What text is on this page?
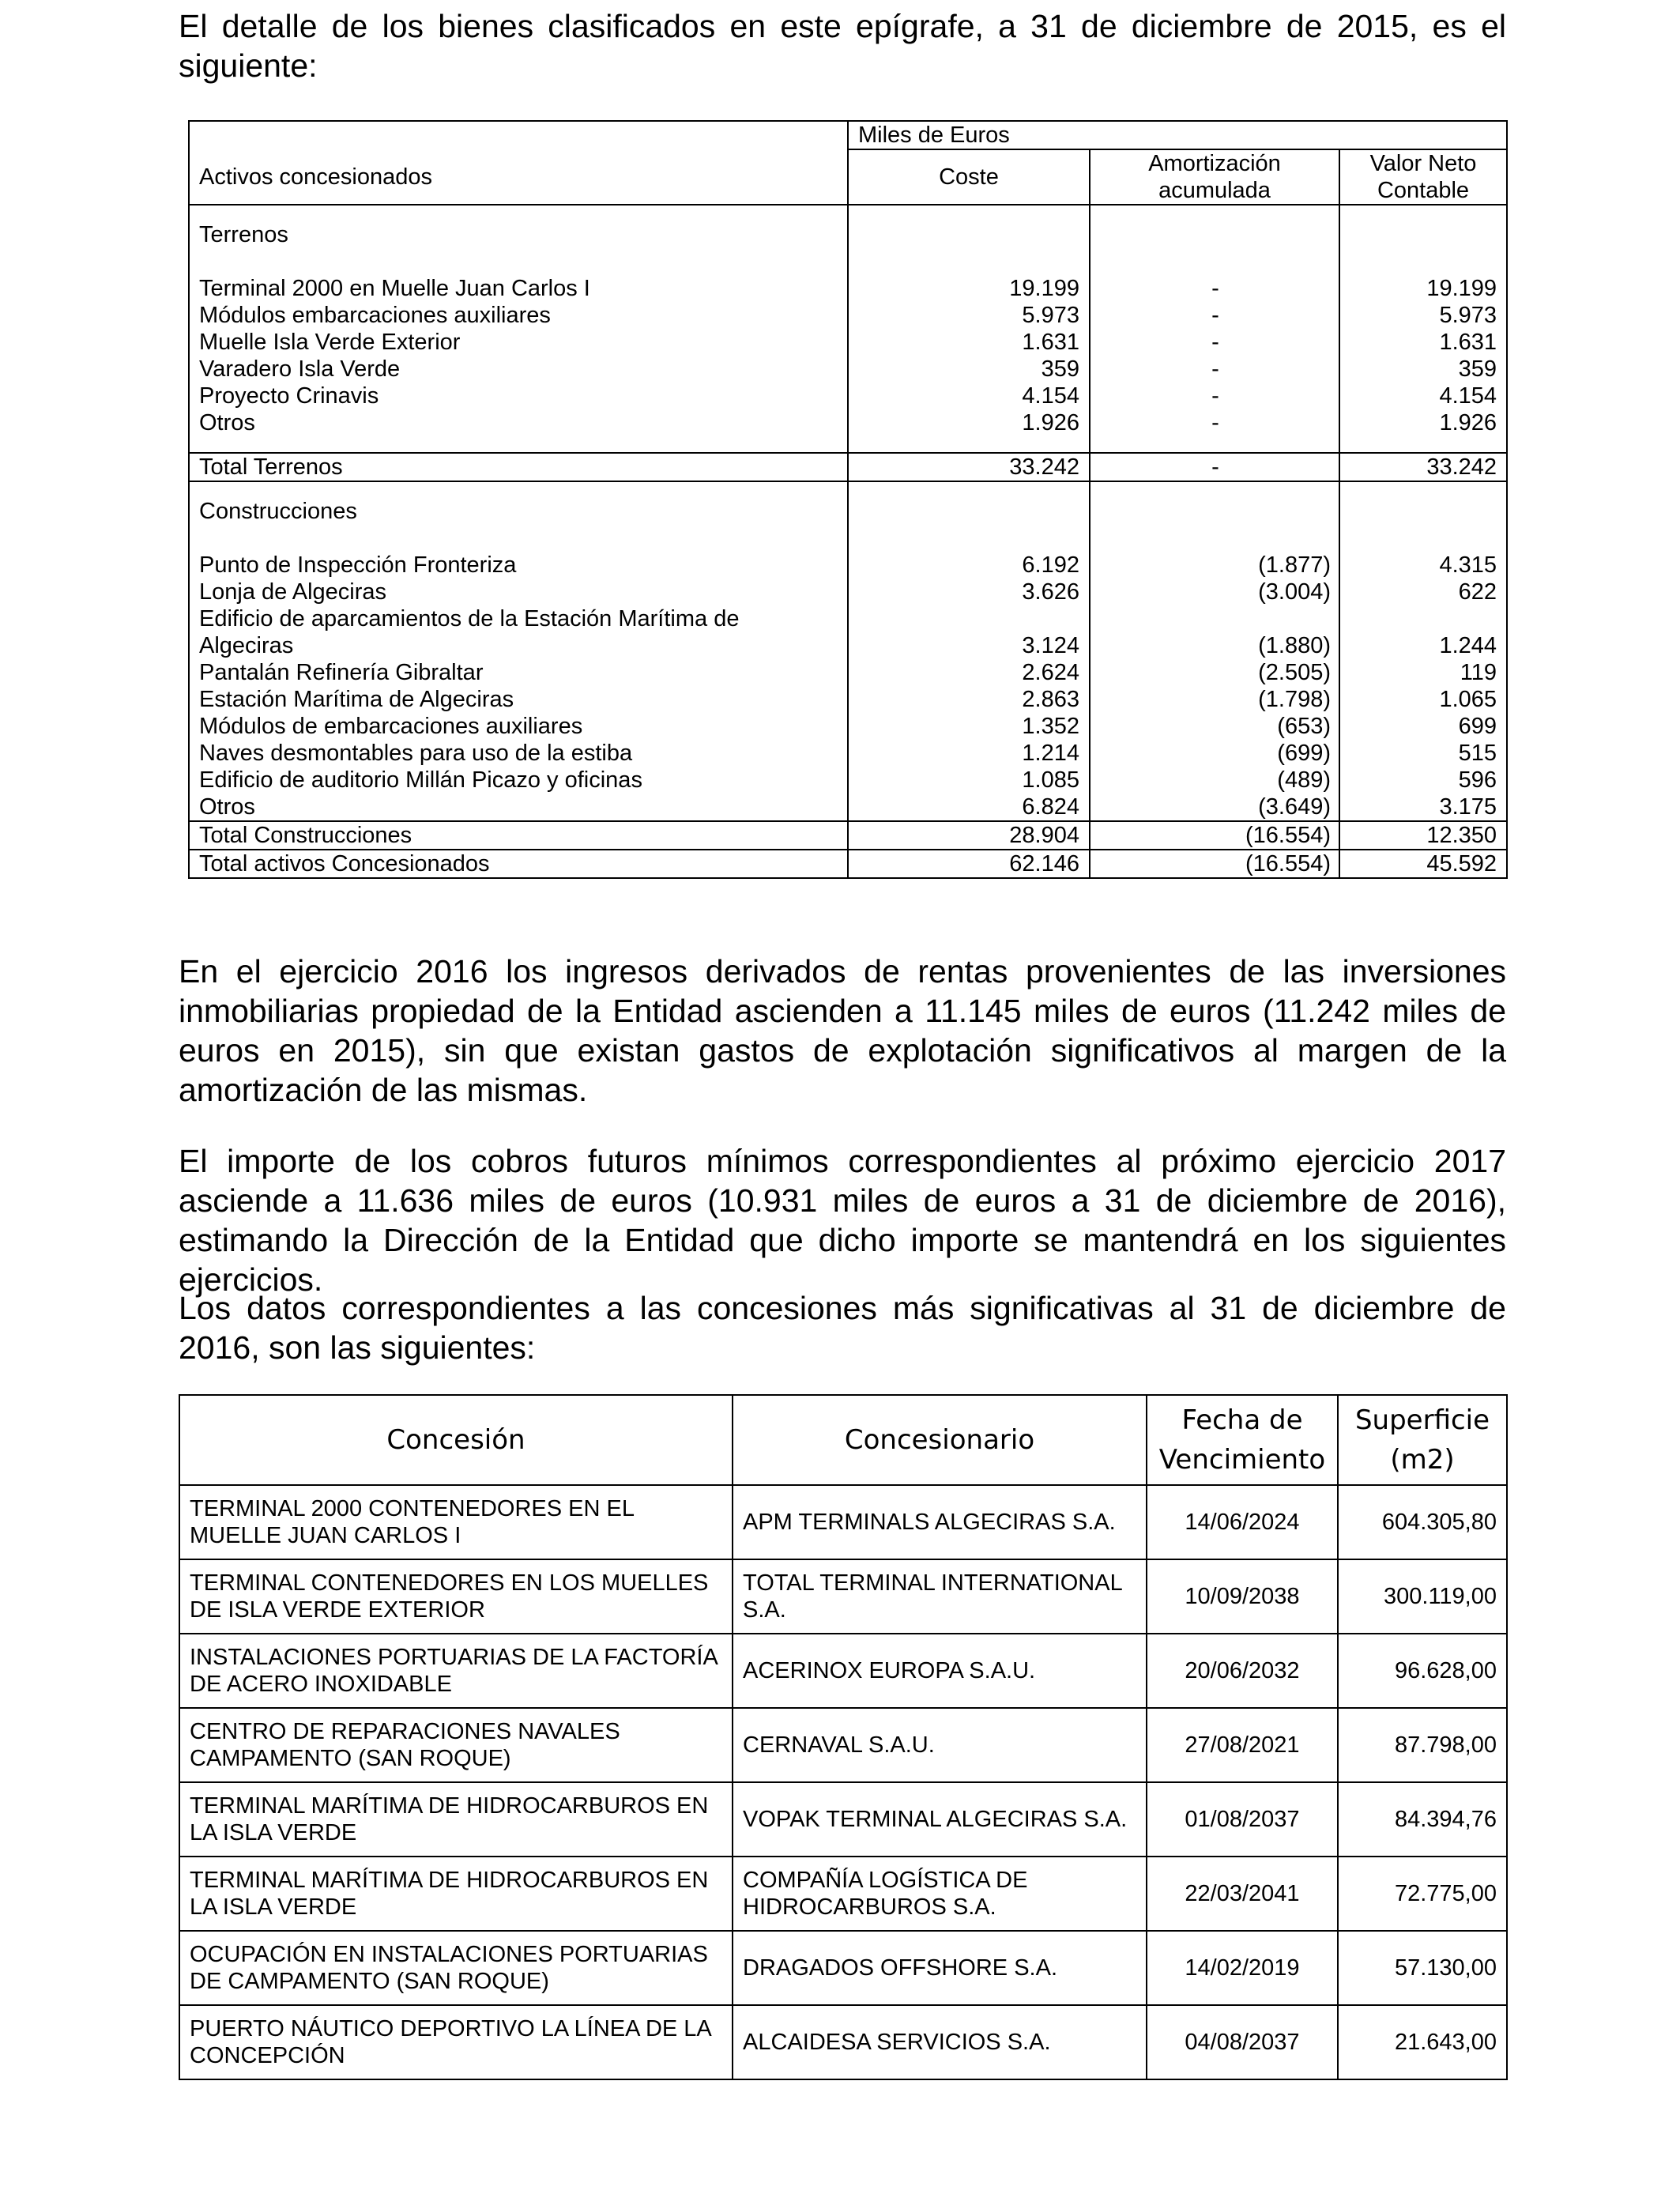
El detalle de los bienes clasificados en este epígrafe, a 31 de diciembre de 2015, es el siguiente:

	Miles de Euros		
Activos concesionados	Coste	Amortización acumulada	Valor Neto Contable

Terrenos			

Terminal 2000 en Muelle Juan Carlos I	19.199	-	19.199
Módulos embarcaciones auxiliares	5.973	-	5.973
Muelle Isla Verde Exterior	1.631	-	1.631
Varadero Isla Verde	359	-	359
Proyecto Crinavis	4.154	-	4.154
Otros	1.926	-	1.926

Total Terrenos	33.242	-	33.242

Construcciones			

Punto de Inspección Fronteriza	6.192	(1.877)	4.315
Lonja de Algeciras	3.626	(3.004)	622
Edificio de aparcamientos de la Estación Marítima de Algeciras	3.124	(1.880)	1.244
Pantalán Refinería Gibraltar	2.624	(2.505)	119
Estación Marítima de Algeciras	2.863	(1.798)	1.065
Módulos de embarcaciones auxiliares	1.352	(653)	699
Naves desmontables para uso de la estiba	1.214	(699)	515
Edificio de auditorio Millán Picazo y oficinas	1.085	(489)	596
Otros	6.824	(3.649)	3.175
Total Construcciones	28.904	(16.554)	12.350
Total activos Concesionados	62.146	(16.554)	45.592

En el ejercicio 2016 los ingresos derivados de rentas provenientes de las inversiones inmobiliarias propiedad de la Entidad ascienden a 11.145 miles de euros (11.242 miles de euros en 2015), sin que existan gastos de explotación significativos al margen de la amortización de las mismas.

El importe de los cobros futuros mínimos correspondientes al próximo ejercicio 2017 asciende a 11.636 miles de euros (10.931 miles de euros a 31 de diciembre de 2016), estimando la Dirección de la Entidad que dicho importe se mantendrá en los siguientes ejercicios.

Los datos correspondientes a las concesiones más significativas al 31 de diciembre de 2016, son las siguientes:

Concesión	Concesionario	Fecha de Vencimiento	Superficie (m2)
TERMINAL 2000 CONTENEDORES EN EL MUELLE JUAN CARLOS I	APM TERMINALS ALGECIRAS S.A.	14/06/2024	604.305,80
TERMINAL CONTENEDORES EN LOS MUELLES DE ISLA VERDE EXTERIOR	TOTAL TERMINAL INTERNATIONAL S.A.	10/09/2038	300.119,00
INSTALACIONES PORTUARIAS DE LA FACTORÍA DE ACERO INOXIDABLE	ACERINOX EUROPA S.A.U.	20/06/2032	96.628,00
CENTRO DE REPARACIONES NAVALES CAMPAMENTO (SAN ROQUE)	CERNAVAL S.A.U.	27/08/2021	87.798,00
TERMINAL MARÍTIMA DE HIDROCARBUROS EN LA ISLA VERDE	VOPAK TERMINAL ALGECIRAS S.A.	01/08/2037	84.394,76
TERMINAL MARÍTIMA DE HIDROCARBUROS EN LA ISLA VERDE	COMPAÑÍA LOGÍSTICA DE HIDROCARBUROS S.A.	22/03/2041	72.775,00
OCUPACIÓN EN INSTALACIONES PORTUARIAS DE CAMPAMENTO (SAN ROQUE)	DRAGADOS OFFSHORE S.A.	14/02/2019	57.130,00
PUERTO NÁUTICO DEPORTIVO LA LÍNEA DE LA CONCEPCIÓN	ALCAIDESA SERVICIOS S.A.	04/08/2037	21.643,00
